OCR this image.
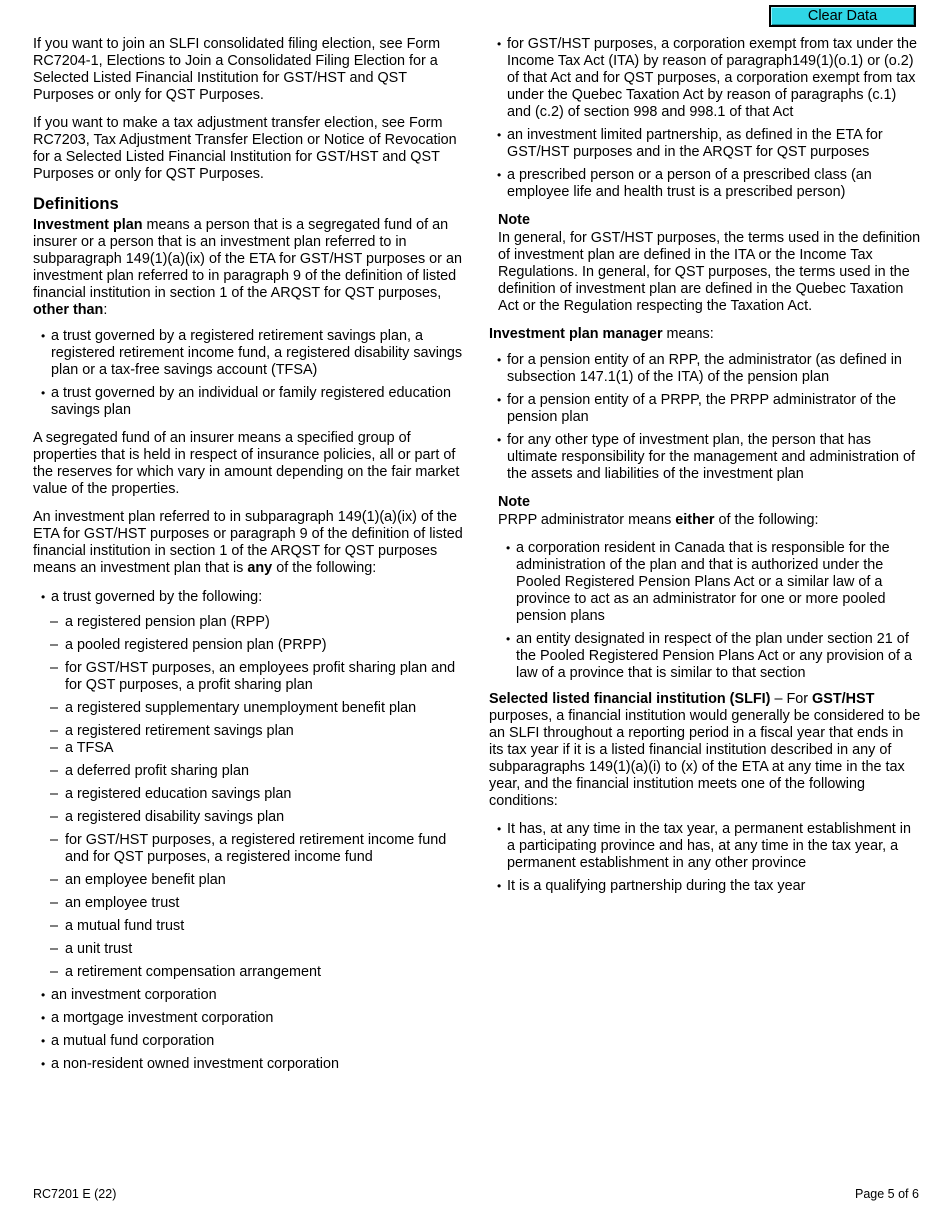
Clear Data

If you want to join an SLFI consolidated filing election, see Form RC7204-1, Elections to Join a Consolidated Filing Election for a Selected Listed Financial Institution for GST/HST and QST Purposes or only for QST Purposes.

If you want to make a tax adjustment transfer election, see Form RC7203, Tax Adjustment Transfer Election or Notice of Revocation for a Selected Listed Financial Institution for GST/HST and QST Purposes or only for QST Purposes.

Definitions

Investment plan means a person that is a segregated fund of an insurer or a person that is an investment plan referred to in subparagraph 149(1)(a)(ix) of the ETA for GST/HST purposes or an investment plan referred to in paragraph 9 of the definition of listed financial institution in section 1 of the ARQST for QST purposes, other than:

• a trust governed by a registered retirement savings plan, a registered retirement income fund, a registered disability savings plan or a tax-free savings account (TFSA)
• a trust governed by an individual or family registered education savings plan

A segregated fund of an insurer means a specified group of properties that is held in respect of insurance policies, all or part of the reserves for which vary in amount depending on the fair market value of the properties.

An investment plan referred to in subparagraph 149(1)(a)(ix) of the ETA for GST/HST purposes or paragraph 9 of the definition of listed financial institution in section 1 of the ARQST for QST purposes means an investment plan that is any of the following:

• a trust governed by the following:
– a registered pension plan (RPP)
– a pooled registered pension plan (PRPP)
– for GST/HST purposes, an employees profit sharing plan and for QST purposes, a profit sharing plan
– a registered supplementary unemployment benefit plan
– a registered retirement savings plan
– a TFSA
– a deferred profit sharing plan
– a registered education savings plan
– a registered disability savings plan
– for GST/HST purposes, a registered retirement income fund and for QST purposes, a registered income fund
– an employee benefit plan
– an employee trust
– a mutual fund trust
– a unit trust
– a retirement compensation arrangement
• an investment corporation
• a mortgage investment corporation
• a mutual fund corporation
• a non-resident owned investment corporation
• for GST/HST purposes, a corporation exempt from tax under the Income Tax Act (ITA) by reason of paragraph149(1)(o.1) or (o.2) of that Act and for QST purposes, a corporation exempt from tax under the Quebec Taxation Act by reason of paragraphs (c.1) and (c.2) of section 998 and 998.1 of that Act
• an investment limited partnership, as defined in the ETA for GST/HST purposes and in the ARQST for QST purposes
• a prescribed person or a person of a prescribed class (an employee life and health trust is a prescribed person)
Note

In general, for GST/HST purposes, the terms used in the definition of investment plan are defined in the ITA or the Income Tax Regulations. In general, for QST purposes, the terms used in the definition of investment plan are defined in the Quebec Taxation Act or the Regulation respecting the Taxation Act.

Investment plan manager means:

• for a pension entity of an RPP, the administrator (as defined in subsection 147.1(1) of the ITA) of the pension plan
• for a pension entity of a PRPP, the PRPP administrator of the pension plan
• for any other type of investment plan, the person that has ultimate responsibility for the management and administration of the assets and liabilities of the investment plan
Note

PRPP administrator means either of the following:

• a corporation resident in Canada that is responsible for the administration of the plan and that is authorized under the Pooled Registered Pension Plans Act or a similar law of a province to act as an administrator for one or more pooled pension plans
• an entity designated in respect of the plan under section 21 of the Pooled Registered Pension Plans Act or any provision of a law of a province that is similar to that section

Selected listed financial institution (SLFI) – For GST/HST purposes, a financial institution would generally be considered to be an SLFI throughout a reporting period in a fiscal year that ends in its tax year if it is a listed financial institution described in any of subparagraphs 149(1)(a)(i) to (x) of the ETA at any time in the tax year, and the financial institution meets one of the following conditions:

• It has, at any time in the tax year, a permanent establishment in a participating province and has, at any time in the tax year, a permanent establishment in any other province
• It is a qualifying partnership during the tax year
RC7201 E (22)	Page 5 of 6
